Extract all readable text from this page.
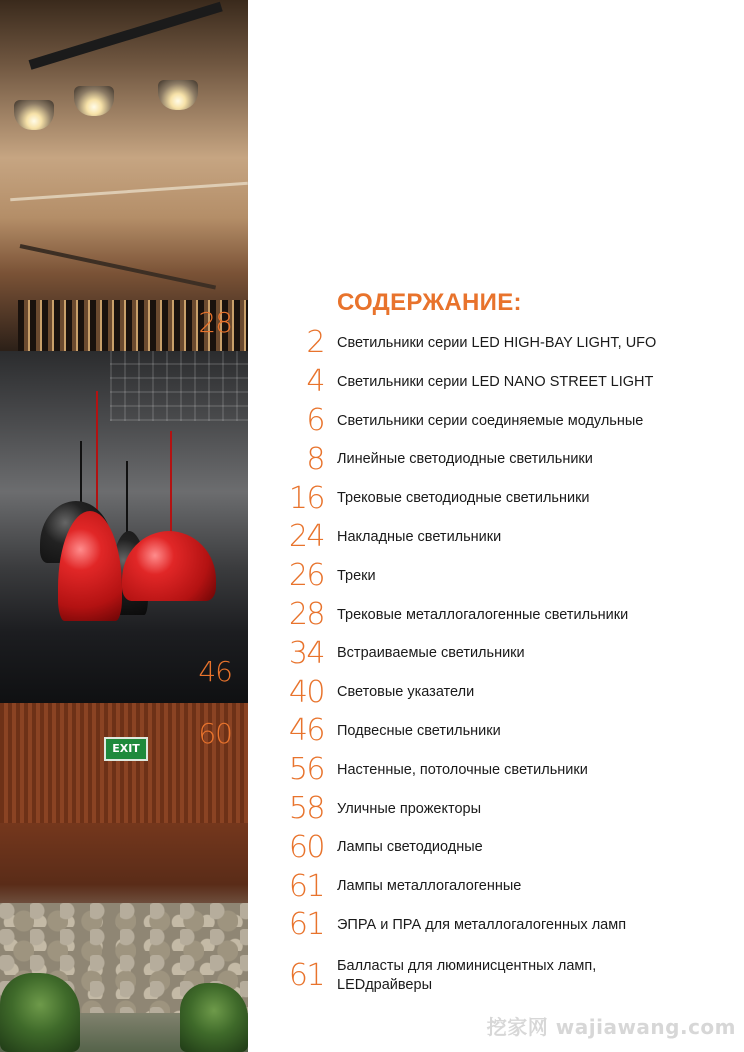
28
46
EXIT 60
СОДЕРЖАНИЕ:
2 Светильники серии LED HIGH-BAY LIGHT, UFO
4 Светильники серии LED NANO STREET LIGHT
6 Светильники серии соединяемые модульные
8 Линейные светодиодные светильники
16 Трековые светодиодные светильники
24 Накладные светильники
26 Треки
28 Трековые металлогалогенные светильники
34 Встраиваемые светильники
40 Световые указатели
46 Подвесные светильники
56 Настенные, потолочные светильники
58 Уличные прожекторы
60 Лампы светодиодные
61 Лампы металлогалогенные
61 ЭПРА и ПРА для металлогалогенных ламп
61 Балласты для люминисцентных ламп, LEDдрайверы
挖家网 wajiawang.com
